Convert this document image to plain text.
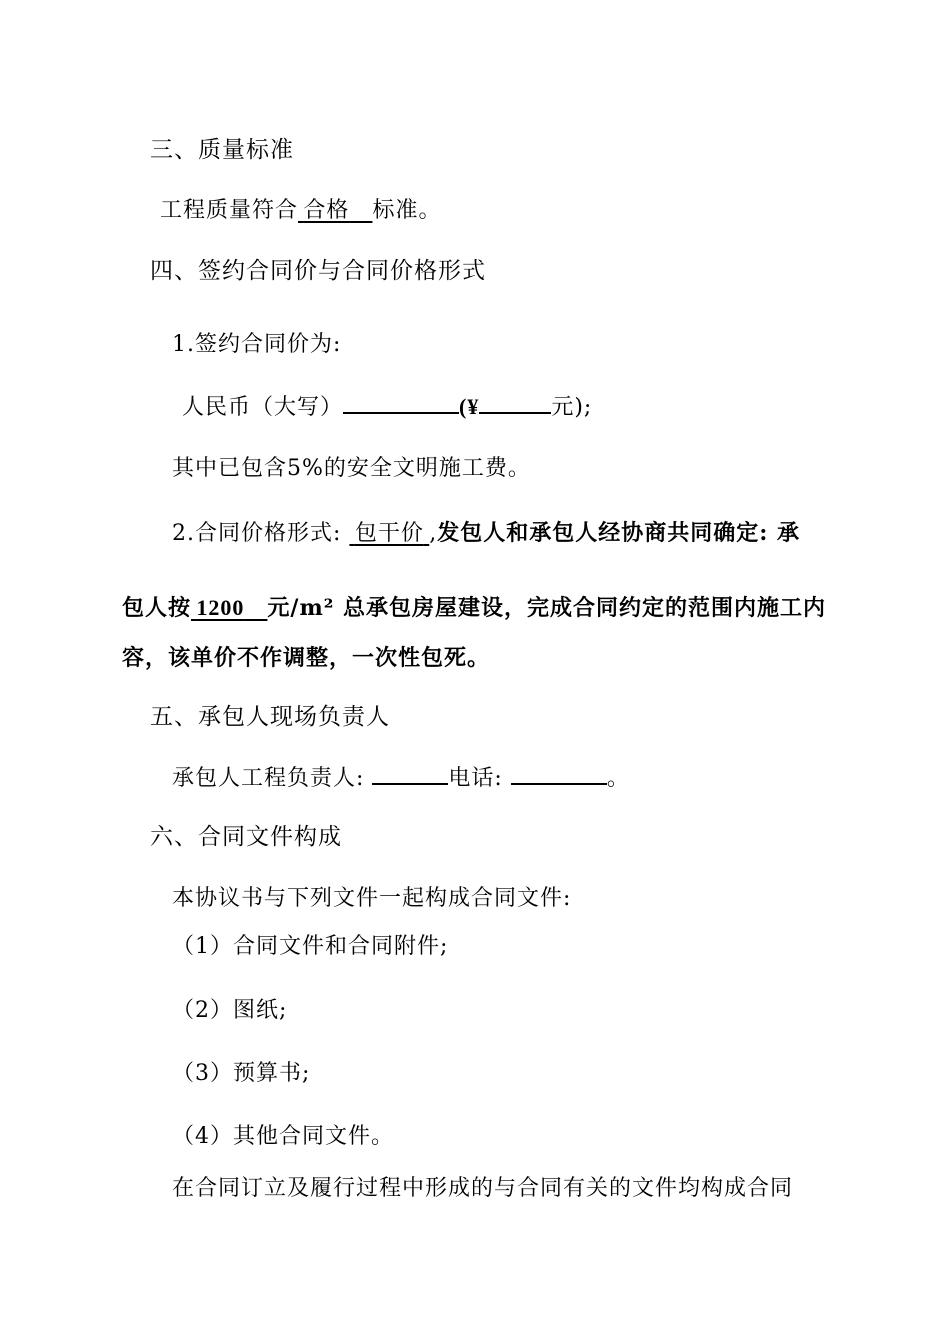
三、质量标准
工程质量符合  合格  标准。
四、签约合同价与合同价格形式
1.签约合同价为:
人民币（大写）	(¥	元);
其中已包含5%的安全文明施工费。
2.合同价格形式:   包干价  ,发包人和承包人经协商共同确定: 承
包人按  1200  元/m² 总承包房屋建设，完成合同约定的范围内施工内
容，该单价不作调整，一次性包死。
五、承包人现场负责人
承包人工程负责人:	电话:	。
六、合同文件构成
本协议书与下列文件一起构成合同文件:
（1）合同文件和合同附件;
（2）图纸;
（3）预算书;
（4）其他合同文件。
在合同订立及履行过程中形成的与合同有关的文件均构成合同
